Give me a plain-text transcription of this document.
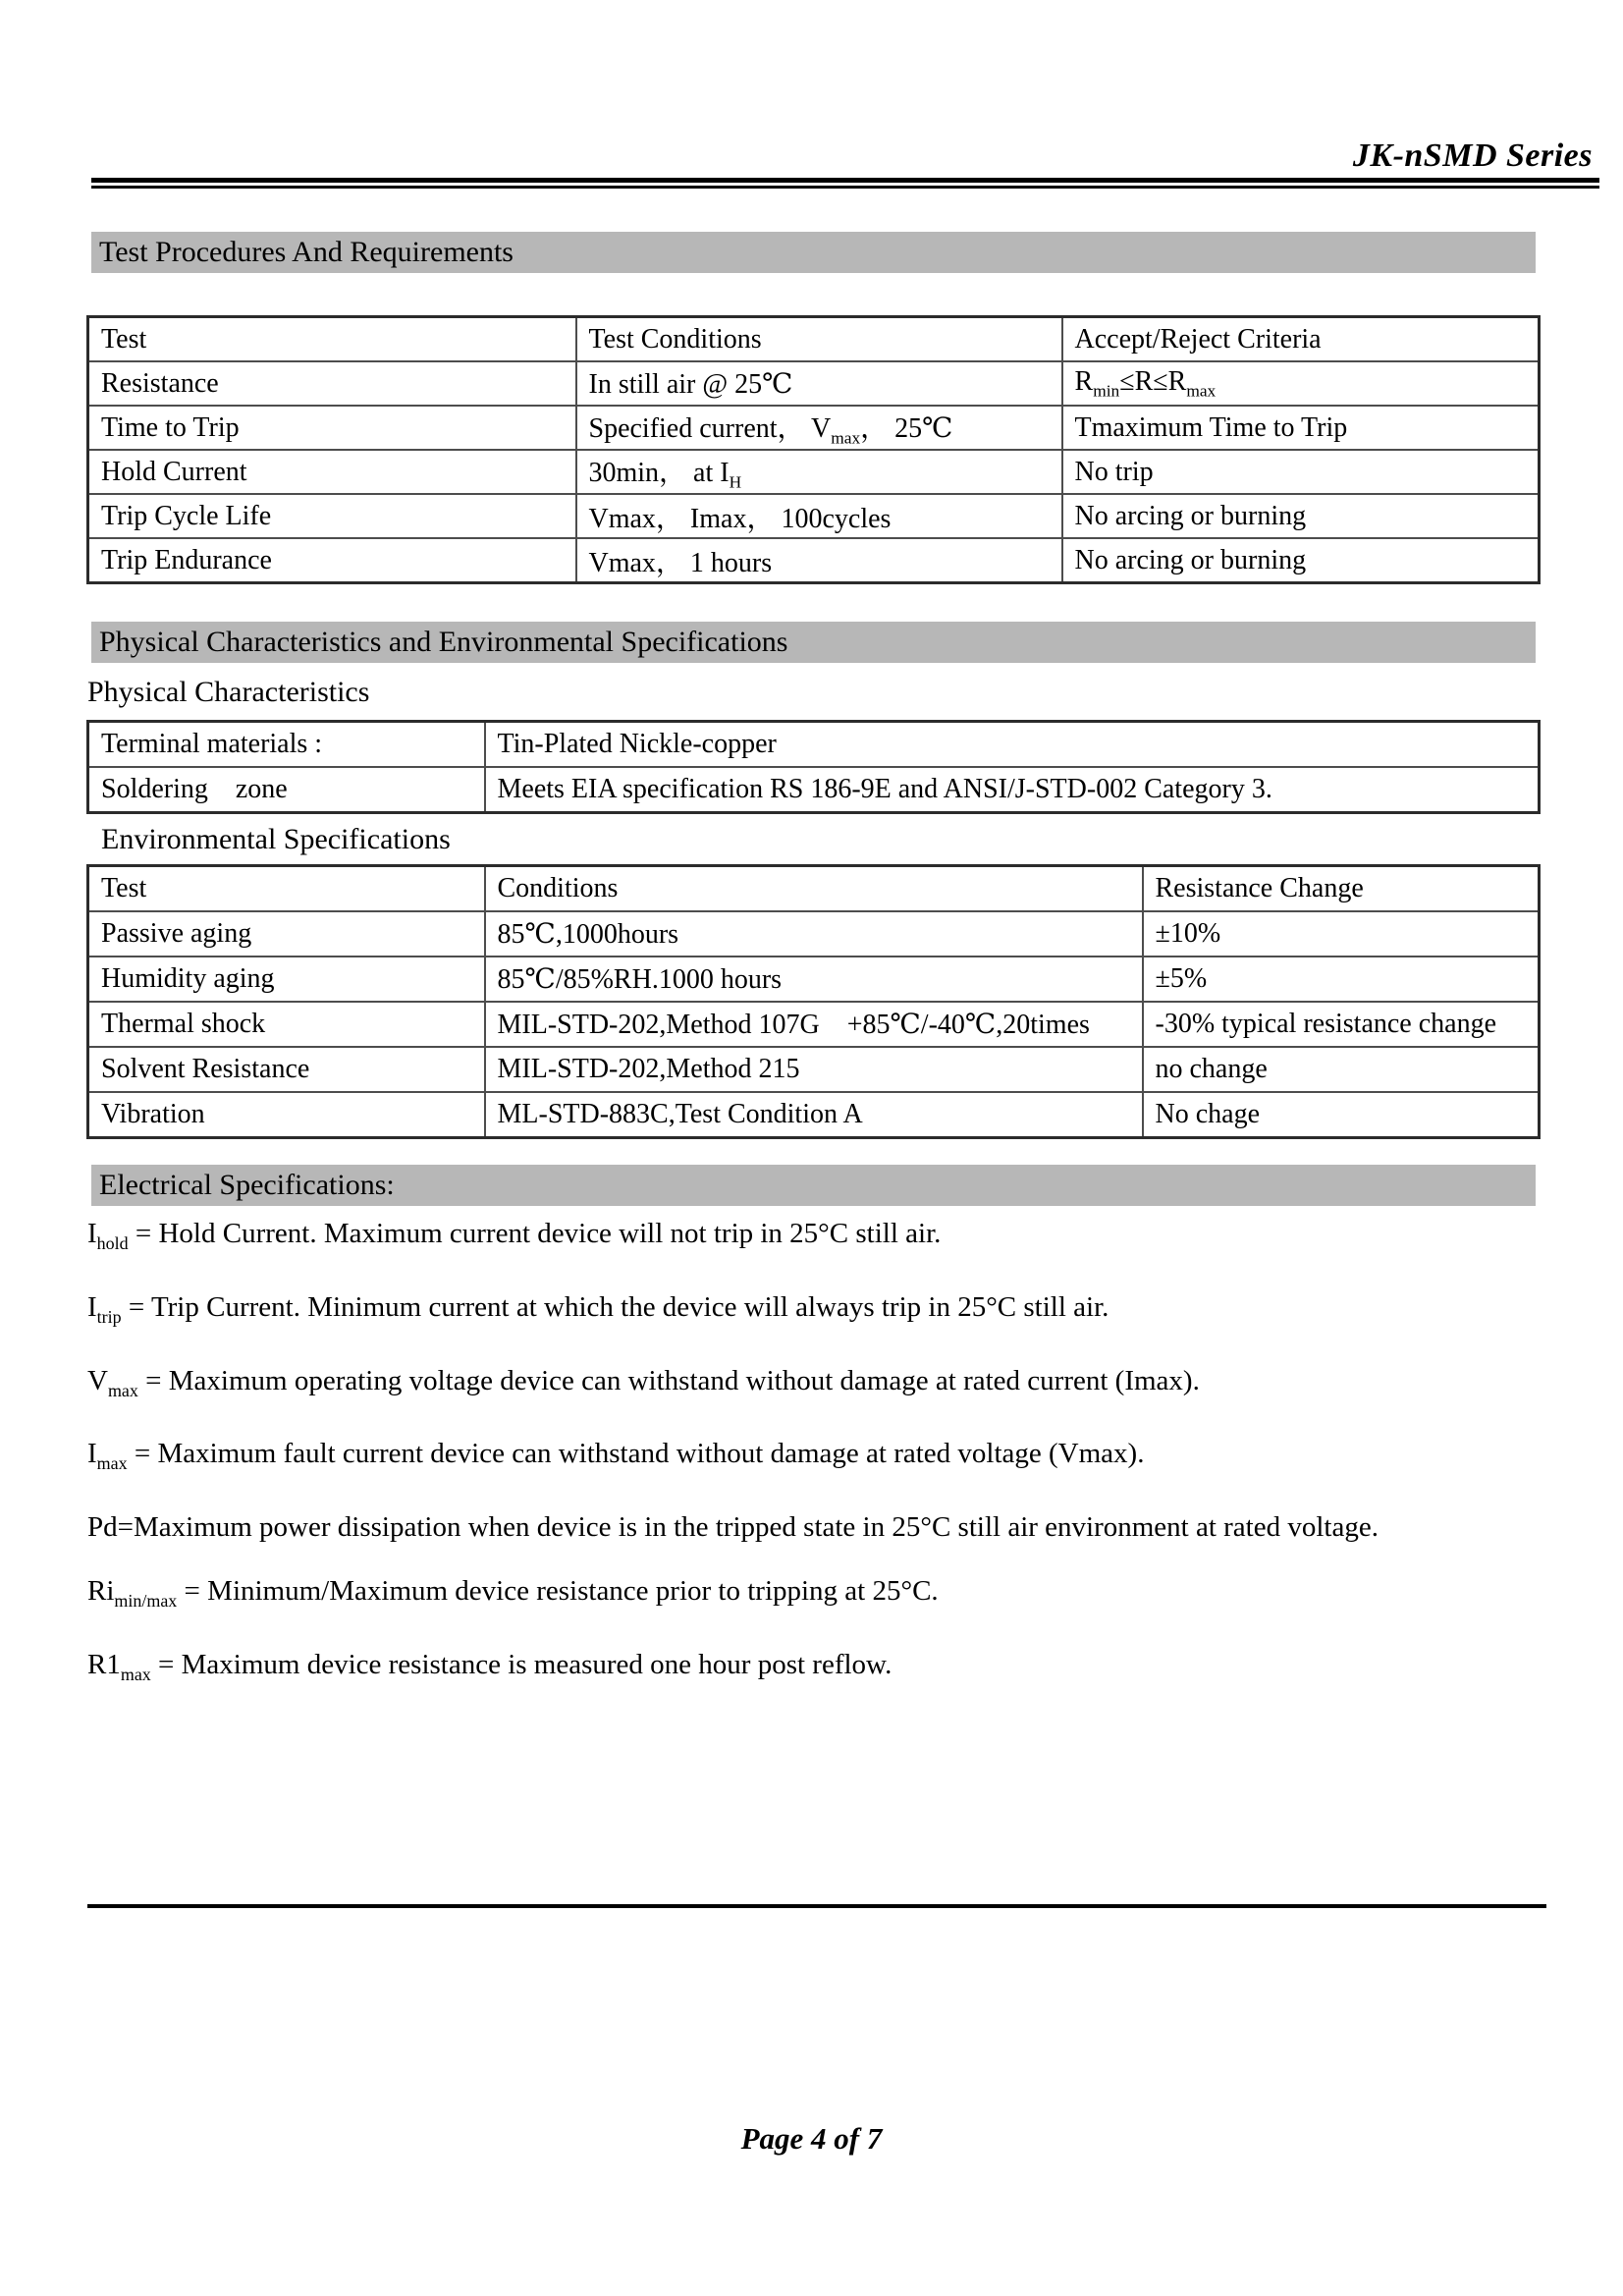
JK-nSMD Series
Test Procedures And Requirements
Test	Test Conditions	Accept/Reject Criteria
Resistance	In still air @ 25℃	$R_{min}\le R\le R_{max}$
Time to Trip	Specified current， $V_{max}$， 25℃	Tmaximum Time to Trip
Hold Current	30min， at $I_H$	No trip
Trip Cycle Life	Vmax， Imax， 100cycles	No arcing or burning
Trip Endurance	Vmax， 1 hours	No arcing or burning
Physical Characteristics and Environmental Specifications
Physical Characteristics
Terminal materials :	Tin-Plated Nickle-copper
Soldering    zone	Meets EIA specification RS 186-9E and ANSI/J-STD-002 Category 3.
Environmental Specifications
Test	Conditions	Resistance Change
Passive aging	85℃,1000hours	±10%
Humidity aging	85℃/85%RH.1000 hours	±5%
Thermal shock	MIL-STD-202,Method 107G    +85℃/-40℃,20times	-30% typical resistance change
Solvent Resistance	MIL-STD-202,Method 215	no change
Vibration	ML-STD-883C,Test Condition A	No chage
Electrical Specifications:

$I_{hold}$ = Hold Current. Maximum current device will not trip in 25°C still air.

$I_{trip}$ = Trip Current. Minimum current at which the device will always trip in 25°C still air.

$V_{max}$ = Maximum operating voltage device can withstand without damage at rated current (Imax).

$I_{max}$ = Maximum fault current device can withstand without damage at rated voltage (Vmax).

Pd=Maximum power dissipation when device is in the tripped state in 25°C still air environment at rated voltage.

$Ri_{min/max}$ = Minimum/Maximum device resistance prior to tripping at 25°C.

$R1_{max}$ = Maximum device resistance is measured one hour post reflow.

Page 4 of 7
